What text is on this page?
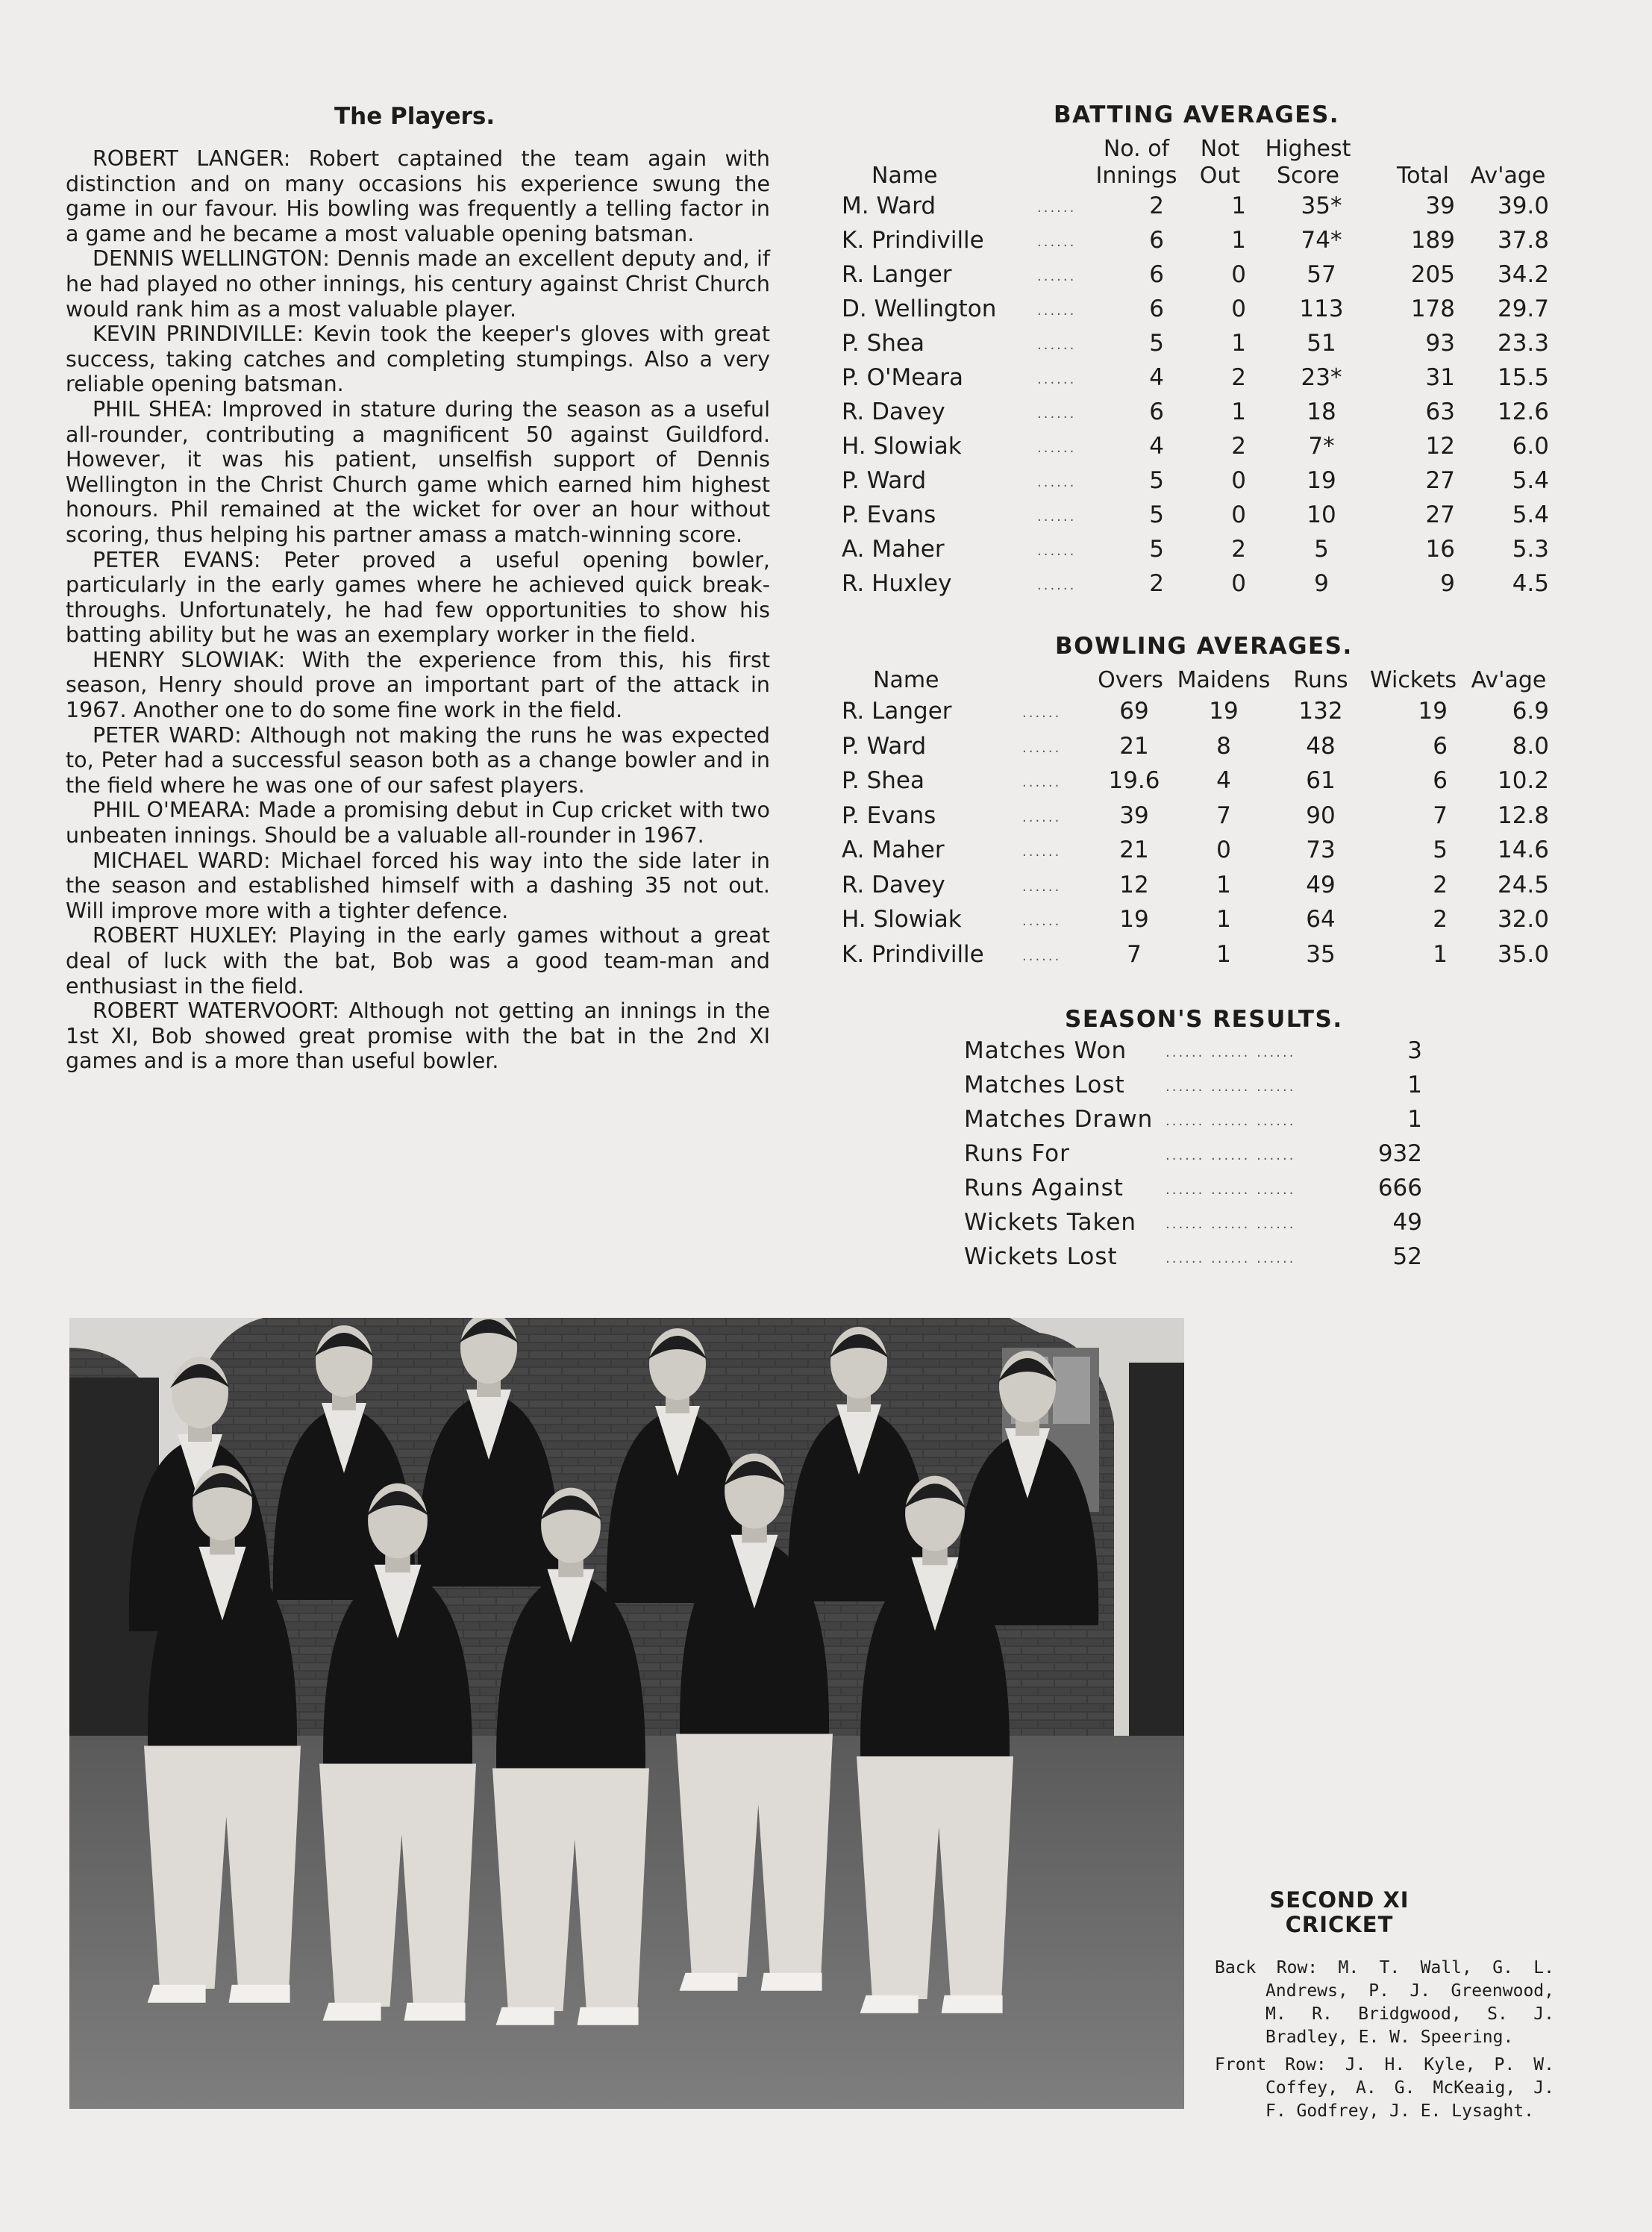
The Players.

ROBERT LANGER: Robert captained the team again with distinction and on many occasions his experience swung the game in our favour. His bowling was frequently a telling factor in a game and he became a most valuable opening batsman.

DENNIS WELLINGTON: Dennis made an excellent deputy and, if he had played no other innings, his century against Christ Church would rank him as a most valuable player.

KEVIN PRINDIVILLE: Kevin took the keeper's gloves with great success, taking catches and completing stumpings. Also a very reliable opening batsman.

PHIL SHEA: Improved in stature during the season as a useful all-rounder, contributing a magnificent 50 against Guildford. However, it was his patient, unselfish support of Dennis Wellington in the Christ Church game which earned him highest honours. Phil remained at the wicket for over an hour without scoring, thus helping his partner amass a match-winning score.

PETER EVANS: Peter proved a useful opening bowler, particularly in the early games where he achieved quick break-throughs. Unfortunately, he had few opportunities to show his batting ability but he was an exemplary worker in the field.

HENRY SLOWIAK: With the experience from this, his first season, Henry should prove an important part of the attack in 1967. Another one to do some fine work in the field.

PETER WARD: Although not making the runs he was expected to, Peter had a successful season both as a change bowler and in the field where he was one of our safest players.

PHIL O'MEARA: Made a promising debut in Cup cricket with two unbeaten innings. Should be a valuable all-rounder in 1967.

MICHAEL WARD: Michael forced his way into the side later in the season and established himself with a dashing 35 not out. Will improve more with a tighter defence.

ROBERT HUXLEY: Playing in the early games without a great deal of luck with the bat, Bob was a good team-man and enthusiast in the field.

ROBERT WATERVOORT: Although not getting an innings in the 1st XI, Bob showed great promise with the bat in the 2nd XI games and is a more than useful bowler.

BATTING AVERAGES.
Name
No. of
Innings
Not
Out
Highest
Score	Total Av'age
M. Ward	2	1	35*	39	39.0
......
K. Prindiville	6	1	74*	189	37.8
......
R. Langer	6	0	57	205	34.2
......
D. Wellington	6	0	113	178	29.7
......
P. Shea	5	1	51	93	23.3
......
P. O'Meara	4	2	23*	31	15.5
......
R. Davey	6	1	18	63	12.6
......
H. Slowiak	4	2	7*	12	6.0
......
P. Ward	5	0	19	27	5.4
......
P. Evans	5	0	10	27	5.4
......
A. Maher	5	2	5	16	5.3
......
R. Huxley	2	0	9	9	4.5
......
BOWLING AVERAGES.
Name	Overs Maidens	Runs Wickets Av'age
R. Langer	69	19	132	19	6.9
......
P. Ward	21	8	48	6	8.0
......
P. Shea	19.6	4	61	6	10.2
......
P. Evans	39	7	90	7	12.8
......
A. Maher	21	0	73	5	14.6
......
R. Davey	12	1	49	2	24.5
......
H. Slowiak	19	1	64	2	32.0
......
K. Prindiville	7	1	35	1	35.0
......
SEASON'S RESULTS.
Matches Won	...... ...... ......	3
Matches Lost	...... ...... ......	1
Matches Drawn ...... ...... ......	1
Runs For	...... ...... ......	932
Runs Against	...... ...... ......	666
Wickets Taken ...... ...... ......	49
Wickets Lost	...... ...... ......	52
SECOND XI
CRICKET

Back Row: M. T. Wall, G. L. Andrews, P. J. Greenwood, M. R. Bridgwood, S. J. Bradley, E. W. Speering.

Front Row: J. H. Kyle, P. W. Coffey, A. G. McKeaig, J. F. Godfrey, J. E. Lysaght.
